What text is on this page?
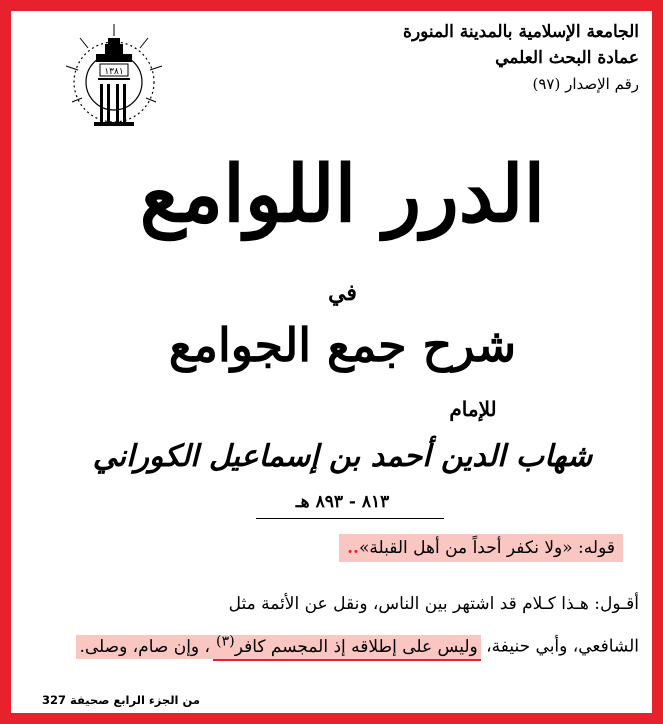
١٣٨١
الجامعة الإسلامية بالمدينة المنورة
عمادة البحث العلمي
رقم الإصدار (٩٧)
الدرر اللوامع
في
شرح جمع الجوامع
للإمام
شهاب الدين أحمد بن إسماعيل الكوراني
٨١٣ - ٨٩٣ هـ
قوله: «ولا نكفر أحداً من أهل القبلة»..
أقـول: هـذا كـلام قد اشتهر بين الناس، ونقل عن الأئمة مثل
الشافعي، وأبي حنيفة، وليس على إطلاقه إذ المجسم كافر$^{(٣)}$، وإن صام، وصلى.
من الجزء الرابع صحيفة 327
